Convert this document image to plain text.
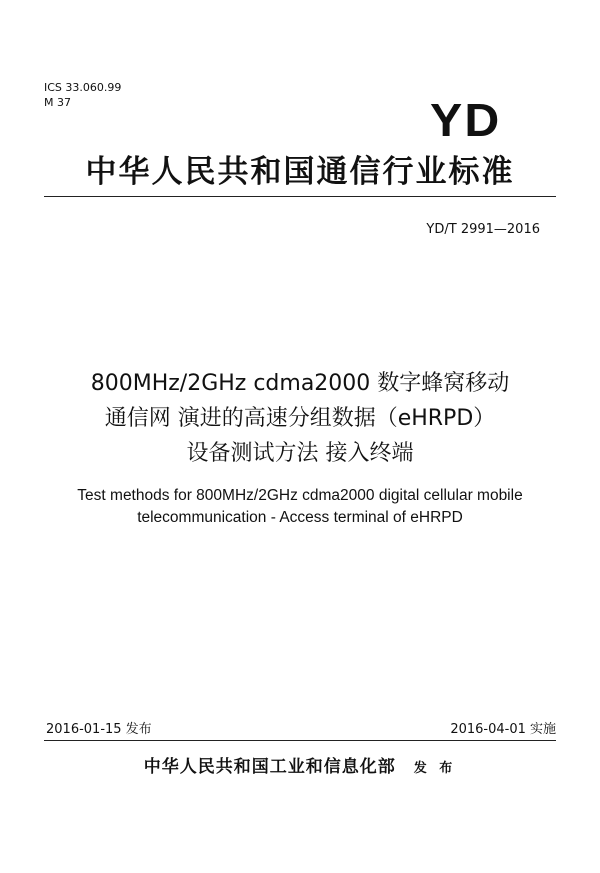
ICS 33.060.99
M 37	YD
中华人民共和国通信行业标准
YD/T 2991—2016
800MHz/2GHz cdma2000 数字蜂窝移动
通信网 演进的高速分组数据（eHRPD）
设备测试方法 接入终端
Test methods for 800MHz/2GHz cdma2000 digital cellular mobile
telecommunication - Access terminal of eHRPD
2016-01-15 发布	2016-04-01 实施
中华人民共和国工业和信息化部 发 布
